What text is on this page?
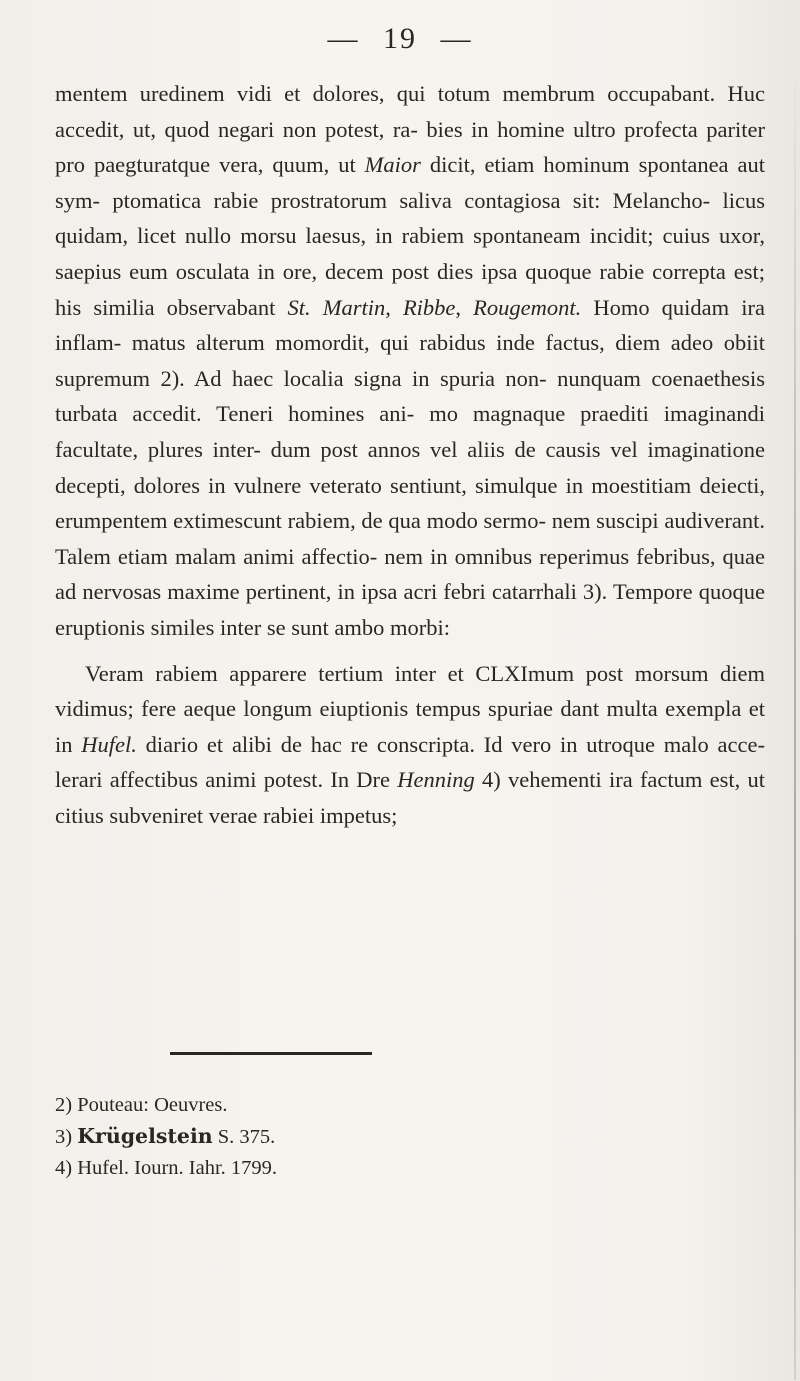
— 19 —

mentem uredinem vidi et dolores, qui totum membrum occupabant. Huc accedit, ut, quod negari non potest, ra- bies in homine ultro profecta pariter pro paegturatque vera, quum, ut Maior dicit, etiam hominum spontanea aut sym- ptomatica rabie prostratorum saliva contagiosa sit: Melancho- licus quidam, licet nullo morsu laesus, in rabiem spontaneam incidit; cuius uxor, saepius eum osculata in ore, decem post dies ipsa quoque rabie correpta est; his similia observabant St. Martin, Ribbe, Rougemont. Homo quidam ira inflam- matus alterum momordit, qui rabidus inde factus, diem adeo obiit supremum 2). Ad haec localia signa in spuria non- nunquam coenaethesis turbata accedit. Teneri homines ani- mo magnaque praediti imaginandi facultate, plures inter- dum post annos vel aliis de causis vel imaginatione decepti, dolores in vulnere veterato sentiunt, simulque in moestitiam deiecti, erumpentem extimescunt rabiem, de qua modo sermo- nem suscipi audiverant. Talem etiam malam animi affectio- nem in omnibus reperimus febribus, quae ad nervosas maxime pertinent, in ipsa acri febri catarrhali 3). Tempore quoque eruptionis similes inter se sunt ambo morbi:

Veram rabiem apparere tertium inter et CLXImum post morsum diem vidimus; fere aeque longum eiuptionis tempus spuriae dant multa exempla et in Hufel. diario et alibi de hac re conscripta. Id vero in utroque malo acce- lerari affectibus animi potest. In Dre Henning 4) vehementi ira factum est, ut citius subveniret verae rabiei impetus;

2) Pouteau: Oeuvres.
3) Krügelstein S. 375.
4) Hufel. Iourn. Iahr. 1799.
